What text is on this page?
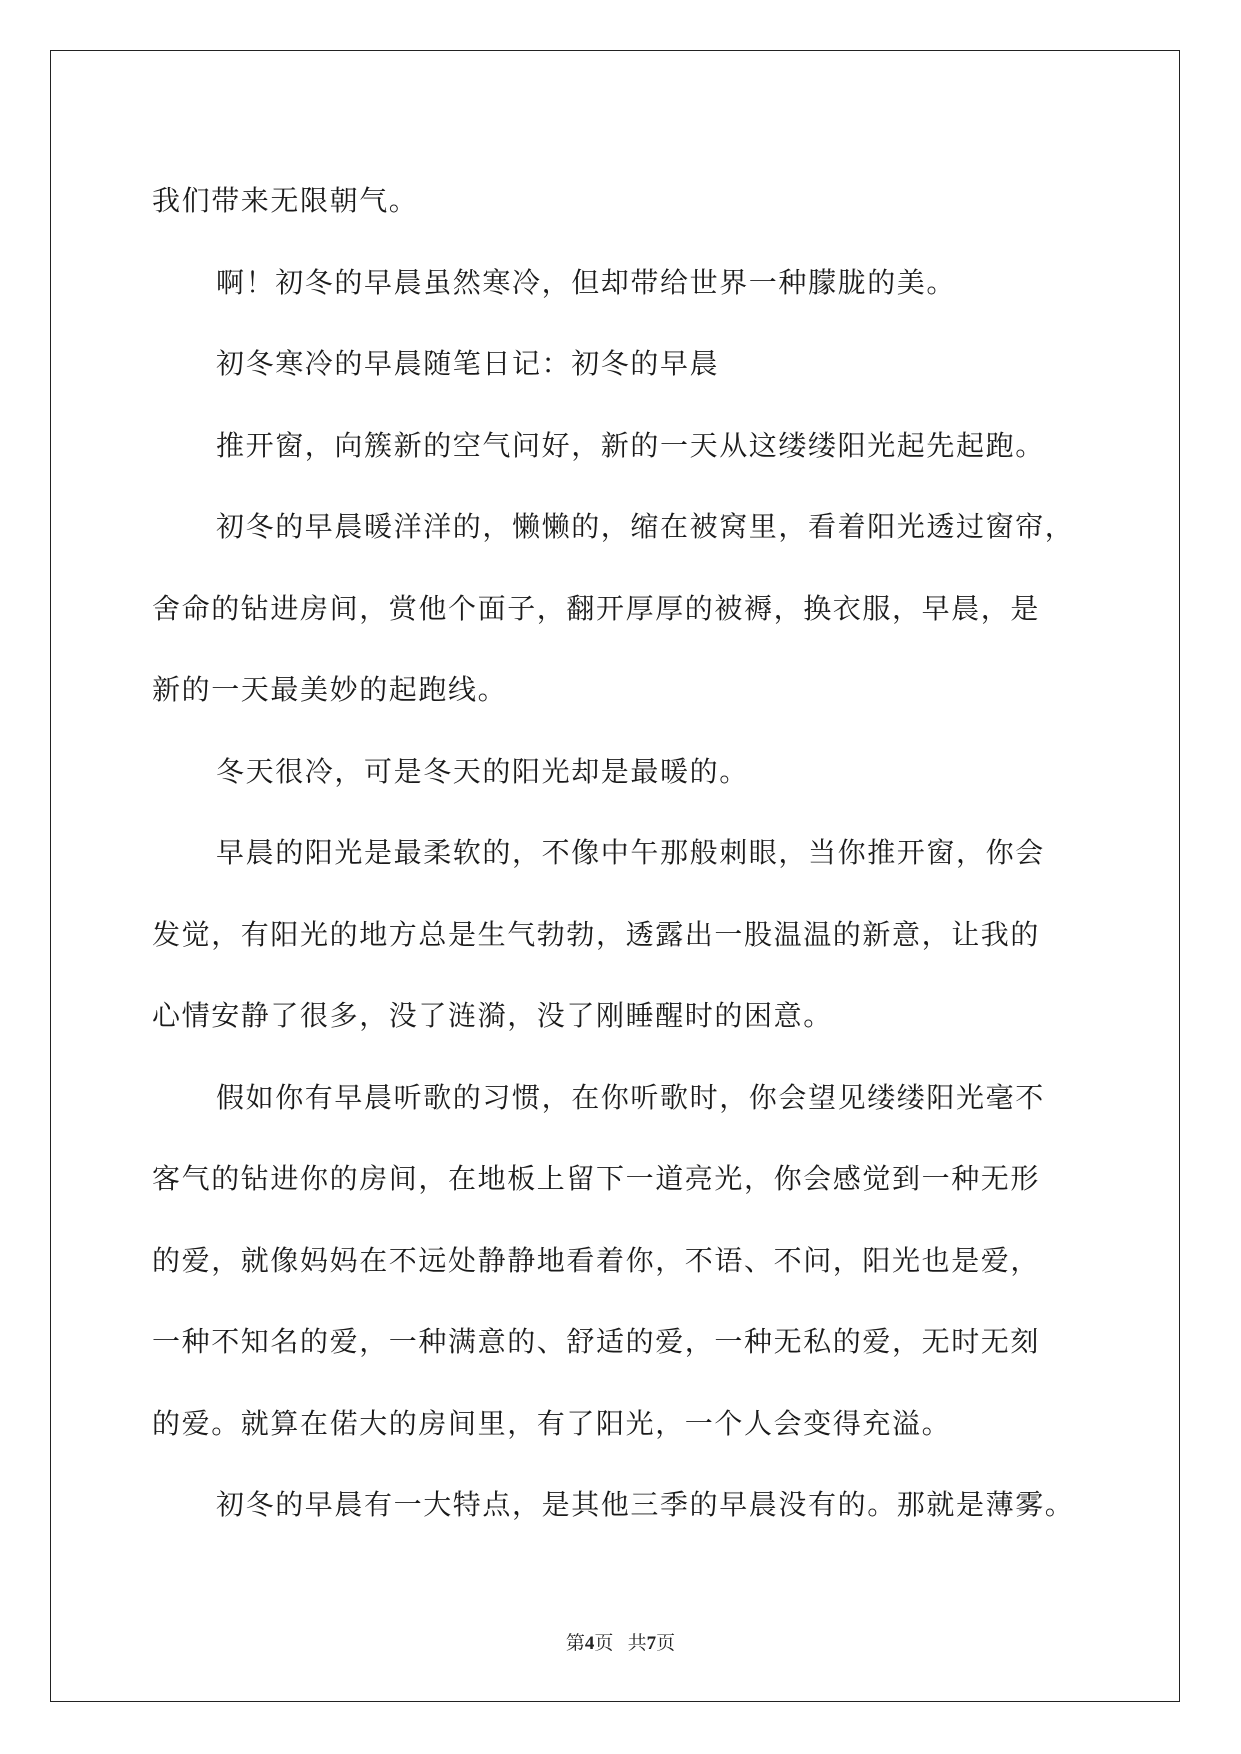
我们带来无限朝气。

啊！初冬的早晨虽然寒冷，但却带给世界一种朦胧的美。

初冬寒冷的早晨随笔日记：初冬的早晨

推开窗，向簇新的空气问好，新的一天从这缕缕阳光起先起跑。

初冬的早晨暖洋洋的，懒懒的，缩在被窝里，看着阳光透过窗帘，

舍命的钻进房间，赏他个面子，翻开厚厚的被褥，换衣服，早晨，是

新的一天最美妙的起跑线。

冬天很冷，可是冬天的阳光却是最暖的。

早晨的阳光是最柔软的，不像中午那般刺眼，当你推开窗，你会

发觉，有阳光的地方总是生气勃勃，透露出一股温温的新意，让我的

心情安静了很多，没了涟漪，没了刚睡醒时的困意。

假如你有早晨听歌的习惯，在你听歌时，你会望见缕缕阳光毫不

客气的钻进你的房间，在地板上留下一道亮光，你会感觉到一种无形

的爱，就像妈妈在不远处静静地看着你，不语、不问，阳光也是爱，

一种不知名的爱，一种满意的、舒适的爱，一种无私的爱，无时无刻

的爱。就算在偌大的房间里，有了阳光，一个人会变得充溢。

初冬的早晨有一大特点，是其他三季的早晨没有的。那就是薄雾。

第4页 共7页
